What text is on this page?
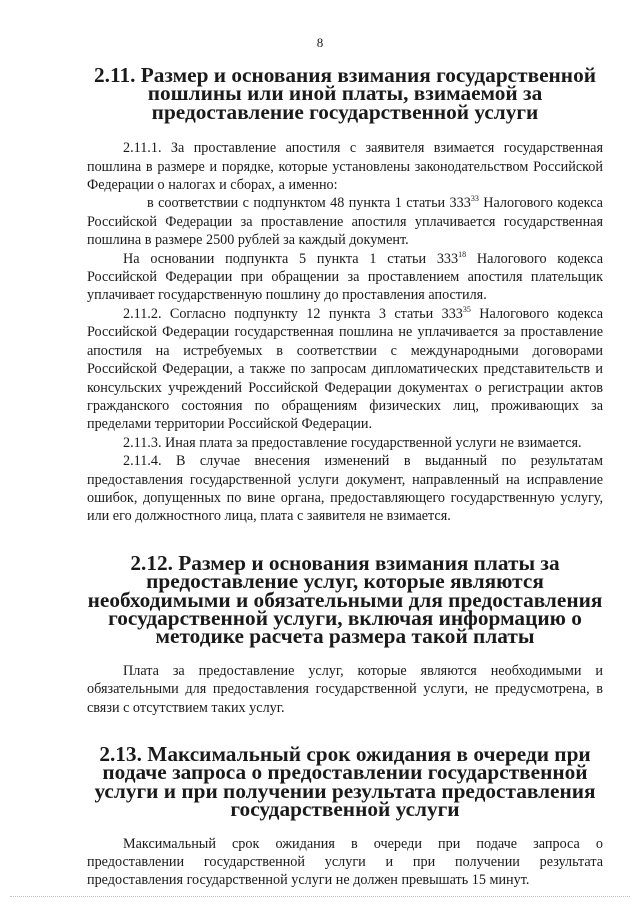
8
2.11. Размер и основания взимания государственной пошлины или иной платы, взимаемой за предоставление государственной услуги

2.11.1. За проставление апостиля с заявителя взимается государственная пошлина в размере и порядке, которые установлены законодательством Российской Федерации о налогах и сборах, а именно:

в соответствии с подпунктом 48 пункта 1 статьи $333^{33}$ Налогового кодекса Российской Федерации за проставление апостиля уплачивается государственная пошлина в размере 2500 рублей за каждый документ.

На основании подпункта 5 пункта 1 статьи $333^{18}$ Налогового кодекса Российской Федерации при обращении за проставлением апостиля плательщик уплачивает государственную пошлину до проставления апостиля.

2.11.2. Согласно подпункту 12 пункта 3 статьи $333^{35}$ Налогового кодекса Российской Федерации государственная пошлина не уплачивается за проставление апостиля на истребуемых в соответствии с международными договорами Российской Федерации, а также по запросам дипломатических представительств и консульских учреждений Российской Федерации документах о регистрации актов гражданского состояния по обращениям физических лиц, проживающих за пределами территории Российской Федерации.

2.11.3. Иная плата за предоставление государственной услуги не взимается.

2.11.4. В случае внесения изменений в выданный по результатам предоставления государственной услуги документ, направленный на исправление ошибок, допущенных по вине органа, предоставляющего государственную услугу, или его должностного лица, плата с заявителя не взимается.

2.12. Размер и основания взимания платы за предоставление услуг, которые являются необходимыми и обязательными для предоставления государственной услуги, включая информацию о методике расчета размера такой платы

Плата за предоставление услуг, которые являются необходимыми и обязательными для предоставления государственной услуги, не предусмотрена, в связи с отсутствием таких услуг.

2.13. Максимальный срок ожидания в очереди при подаче запроса о предоставлении государственной услуги и при получении результата предоставления государственной услуги

Максимальный срок ожидания в очереди при подаче запроса о предоставлении государственной услуги и при получении результата предоставления государственной услуги не должен превышать 15 минут.
